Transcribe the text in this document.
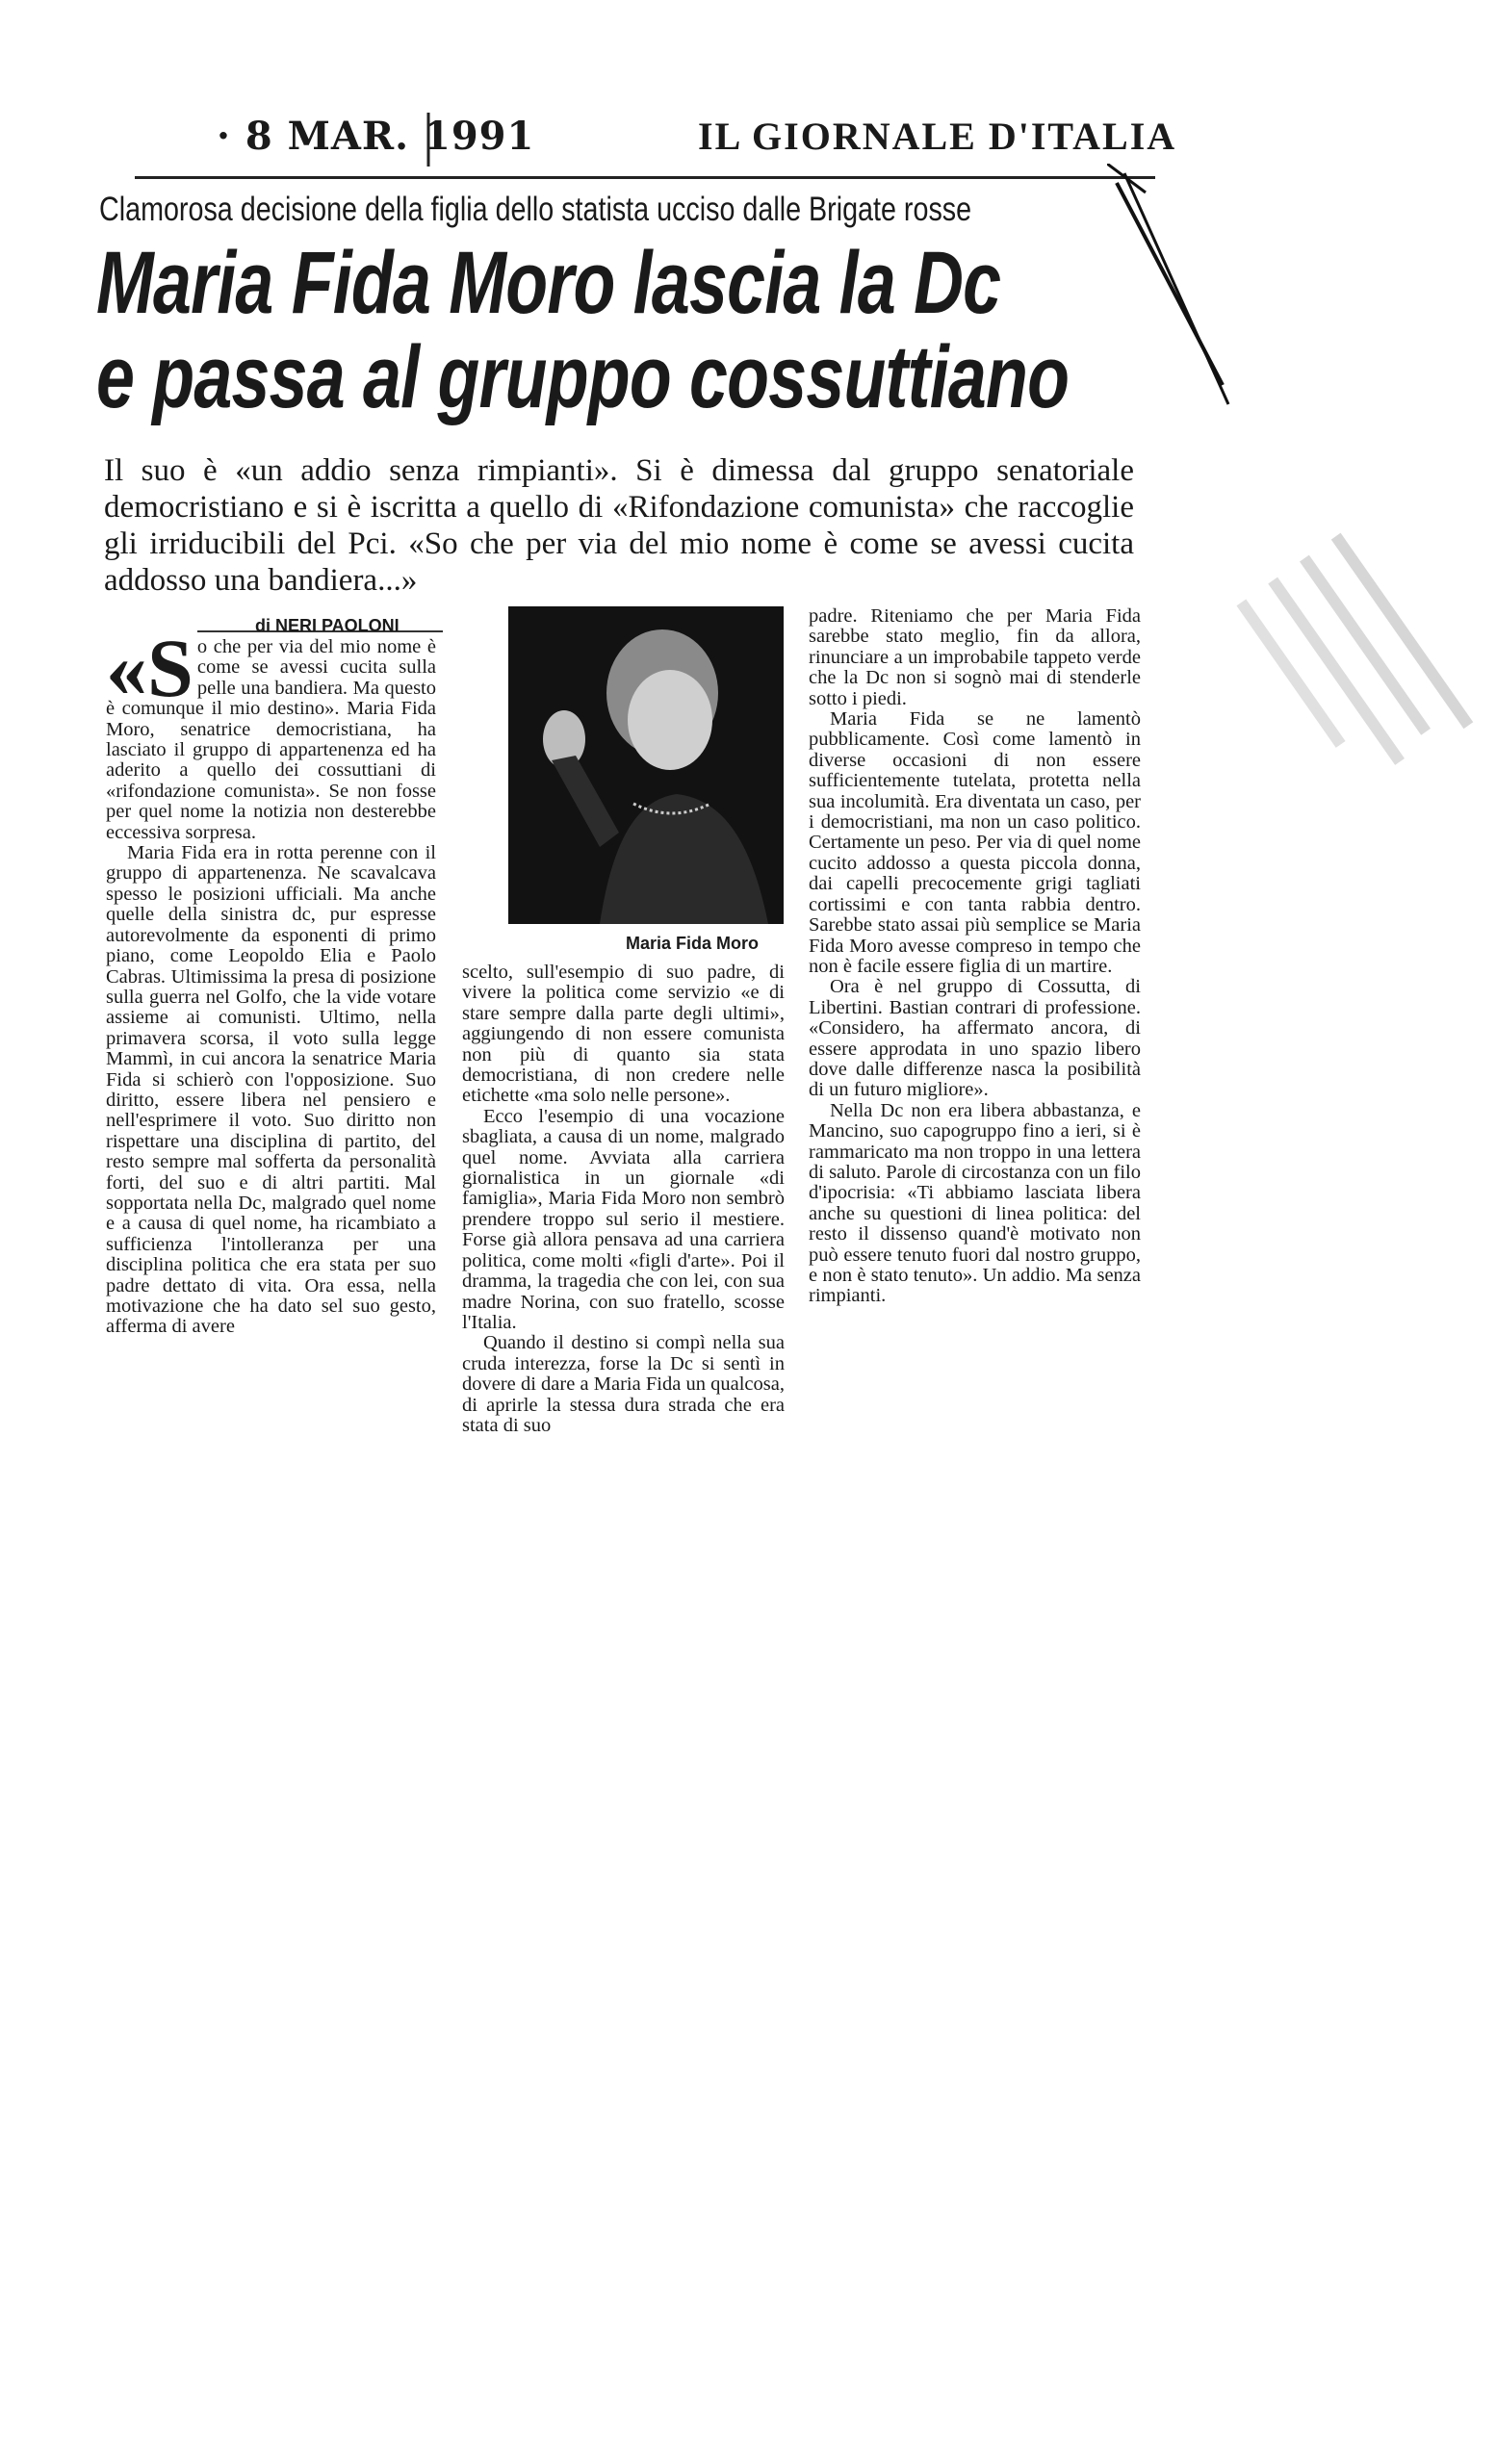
· 8 MAR. 1991	IL GIORNALE D'ITALIA
Clamorosa decisione della figlia dello statista ucciso dalle Brigate rosse
Maria Fida Moro lascia la Dc
e passa al gruppo cossuttiano
Il suo è «un addio senza rimpianti». Si è dimessa dal gruppo senatoriale democristiano e si è iscritta a quello di «Rifondazione comunista» che raccoglie gli irriducibili del Pci. «So che per via del mio nome è come se avessi cucita addosso una bandiera...»
di NERI PAOLONI

«So che per via del mio nome è come se avessi cucita sulla pelle una bandiera. Ma questo è comunque il mio destino». Maria Fida Moro, senatrice democristiana, ha lasciato il gruppo di appartenenza ed ha aderito a quello dei cossuttiani di «rifondazione comunista». Se non fosse per quel nome la notizia non desterebbe eccessiva sorpresa.

Maria Fida era in rotta perenne con il gruppo di appartenenza. Ne scavalcava spesso le posizioni ufficiali. Ma anche quelle della sinistra dc, pur espresse autorevolmente da esponenti di primo piano, come Leopoldo Elia e Paolo Cabras. Ultimissima la presa di posizione sulla guerra nel Golfo, che la vide votare assieme ai comunisti. Ultimo, nella primavera scorsa, il voto sulla legge Mammì, in cui ancora la senatrice Maria Fida si schierò con l'opposizione. Suo diritto, essere libera nel pensiero e nell'esprimere il voto. Suo diritto non rispettare una disciplina di partito, del resto sempre mal sofferta da personalità forti, del suo e di altri partiti. Mal sopportata nella Dc, malgrado quel nome e a causa di quel nome, ha ricambiato a sufficienza l'intolleranza per una disciplina politica che era stata per suo padre dettato di vita. Ora essa, nella motivazione che ha dato sel suo gesto, afferma di avere

Maria Fida Moro

scelto, sull'esempio di suo padre, di vivere la politica come servizio «e di stare sempre dalla parte degli ultimi», aggiungendo di non essere comunista non più di quanto sia stata democristiana, di non credere nelle etichette «ma solo nelle persone».

Ecco l'esempio di una vocazione sbagliata, a causa di un nome, malgrado quel nome. Avviata alla carriera giornalistica in un giornale «di famiglia», Maria Fida Moro non sembrò prendere troppo sul serio il mestiere. Forse già allora pensava ad una carriera politica, come molti «figli d'arte». Poi il dramma, la tragedia che con lei, con sua madre Norina, con suo fratello, scosse l'Italia.

Quando il destino si compì nella sua cruda interezza, forse la Dc si sentì in dovere di dare a Maria Fida un qualcosa, di aprirle la stessa dura strada che era stata di suo

padre. Riteniamo che per Maria Fida sarebbe stato meglio, fin da allora, rinunciare a un improbabile tappeto verde che la Dc non si sognò mai di stenderle sotto i piedi.

Maria Fida se ne lamentò pubblicamente. Così come lamentò in diverse occasioni di non essere sufficientemente tutelata, protetta nella sua incolumità. Era diventata un caso, per i democristiani, ma non un caso politico. Certamente un peso. Per via di quel nome cucito addosso a questa piccola donna, dai capelli precocemente grigi tagliati cortissimi e con tanta rabbia dentro. Sarebbe stato assai più semplice se Maria Fida Moro avesse compreso in tempo che non è facile essere figlia di un martire.

Ora è nel gruppo di Cossutta, di Libertini. Bastian contrari di professione. «Considero, ha affermato ancora, di essere approdata in uno spazio libero dove dalle differenze nasca la posibilità di un futuro migliore».

Nella Dc non era libera abbastanza, e Mancino, suo capogruppo fino a ieri, si è rammaricato ma non troppo in una lettera di saluto. Parole di circostanza con un filo d'ipocrisia: «Ti abbiamo lasciata libera anche su questioni di linea politica: del resto il dissenso quand'è motivato non può essere tenuto fuori dal nostro gruppo, e non è stato tenuto». Un addio. Ma senza rimpianti.
